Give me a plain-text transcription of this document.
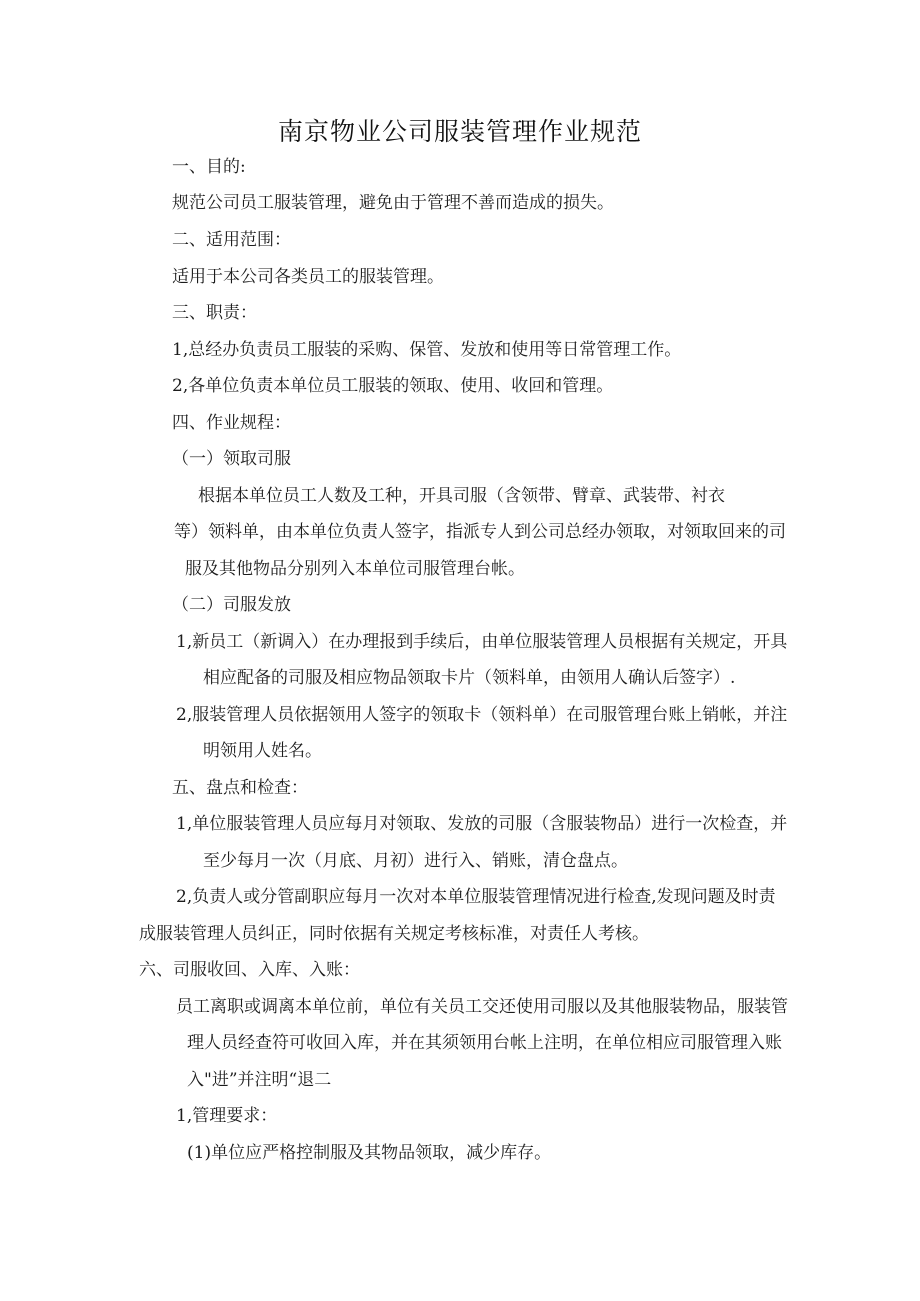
南京物业公司服装管理作业规范
一、目的:
规范公司员工服装管理，避免由于管理不善而造成的损失。
二、适用范围：
适用于本公司各类员工的服装管理。
三、职责：
1,总经办负责员工服装的采购、保管、发放和使用等日常管理工作。
2,各单位负责本单位员工服装的领取、使用、收回和管理。
四、作业规程：
（一）领取司服
根据本单位员工人数及工种，开具司服（含领带、臂章、武装带、衬衣
等）领料单，由本单位负责人签字，指派专人到公司总经办领取，对领取回来的司
服及其他物品分别列入本单位司服管理台帐。
（二）司服发放
1,新员工（新调入）在办理报到手续后，由单位服装管理人员根据有关规定，开具
相应配备的司服及相应物品领取卡片（领料单，由领用人确认后签字）.
2,服装管理人员依据领用人签字的领取卡（领料单）在司服管理台账上销帐，并注
明领用人姓名。
五、盘点和检查：
1,单位服装管理人员应每月对领取、发放的司服（含服装物品）进行一次检查，并
至少每月一次（月底、月初）进行入、销账，清仓盘点。
2,负责人或分管副职应每月一次对本单位服装管理情况进行检查,发现问题及时责
成服装管理人员纠正，同时依据有关规定考核标准，对责任人考核。
六、司服收回、入库、入账：
员工离职或调离本单位前，单位有关员工交还使用司服以及其他服装物品，服装管
理人员经查符可收回入库，并在其须领用台帐上注明，在单位相应司服管理入账
入"进”并注明“退二
1,管理要求：
(1)单位应严格控制服及其物品领取，减少库存。
